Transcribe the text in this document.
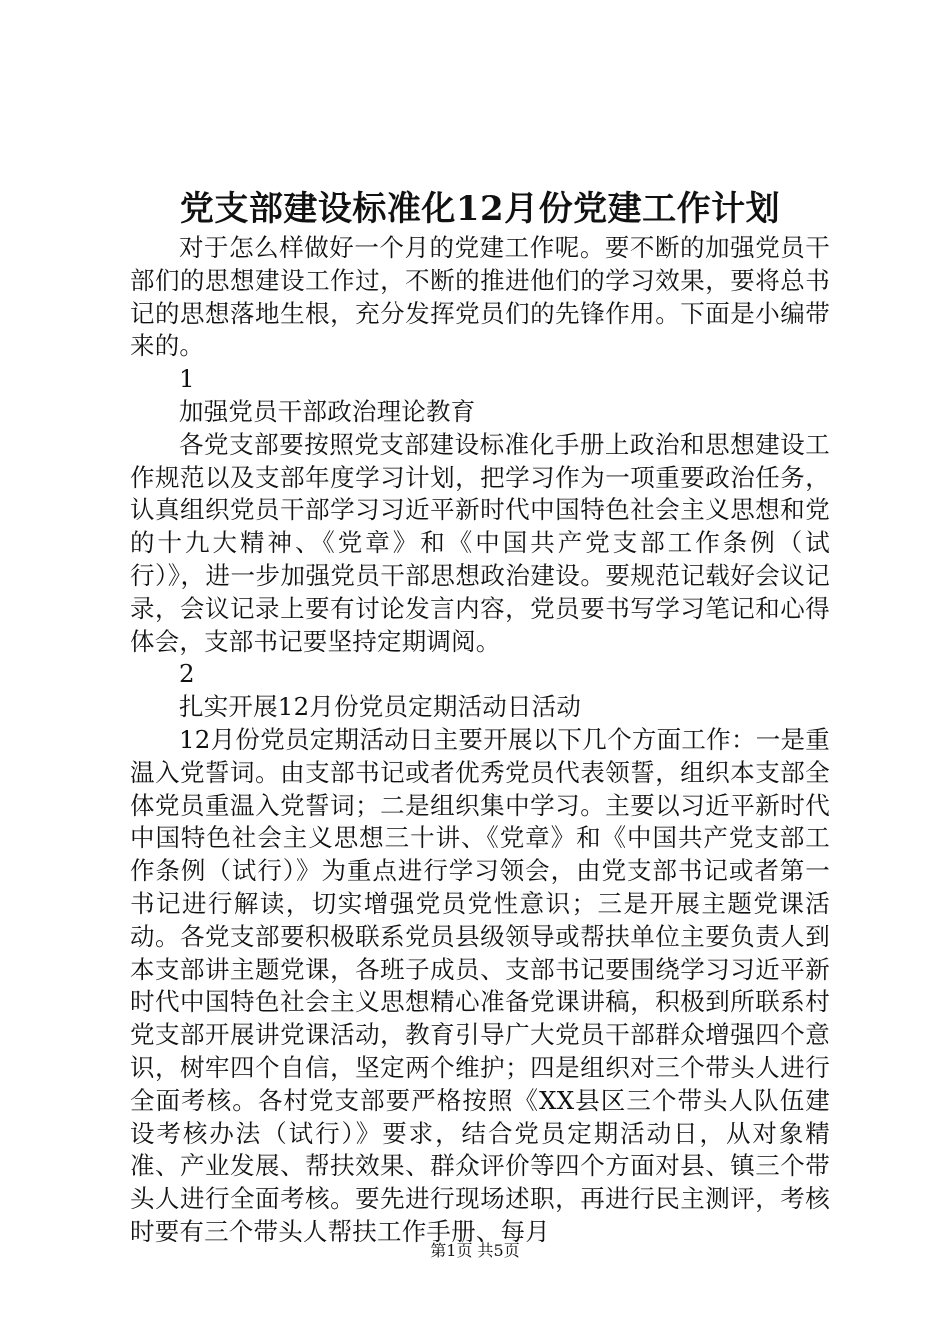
党支部建设标准化12月份党建工作计划

对于怎么样做好一个月的党建工作呢。要不断的加强党员干部们的思想建设工作过，不断的推进他们的学习效果，要将总书记的思想落地生根，充分发挥党员们的先锋作用。下面是小编带来的。

1

加强党员干部政治理论教育

各党支部要按照党支部建设标准化手册上政治和思想建设工作规范以及支部年度学习计划，把学习作为一项重要政治任务，认真组织党员干部学习习近平新时代中国特色社会主义思想和党的十九大精神、《党章》和《中国共产党支部工作条例（试行）》，进一步加强党员干部思想政治建设。要规范记载好会议记录，会议记录上要有讨论发言内容，党员要书写学习笔记和心得体会，支部书记要坚持定期调阅。

2

扎实开展12月份党员定期活动日活动

12月份党员定期活动日主要开展以下几个方面工作：一是重温入党誓词。由支部书记或者优秀党员代表领誓，组织本支部全体党员重温入党誓词；二是组织集中学习。主要以习近平新时代中国特色社会主义思想三十讲、《党章》和《中国共产党支部工作条例（试行）》为重点进行学习领会，由党支部书记或者第一书记进行解读，切实增强党员党性意识；三是开展主题党课活动。各党支部要积极联系党员县级领导或帮扶单位主要负责人到本支部讲主题党课，各班子成员、支部书记要围绕学习习近平新时代中国特色社会主义思想精心准备党课讲稿，积极到所联系村党支部开展讲党课活动，教育引导广大党员干部群众增强四个意识，树牢四个自信，坚定两个维护；四是组织对三个带头人进行全面考核。各村党支部要严格按照《XX县区三个带头人队伍建设考核办法（试行）》要求，结合党员定期活动日，从对象精准、产业发展、帮扶效果、群众评价等四个方面对县、镇三个带头人进行全面考核。要先进行现场述职，再进行民主测评，考核时要有三个带头人帮扶工作手册、每月

第1页 共5页
